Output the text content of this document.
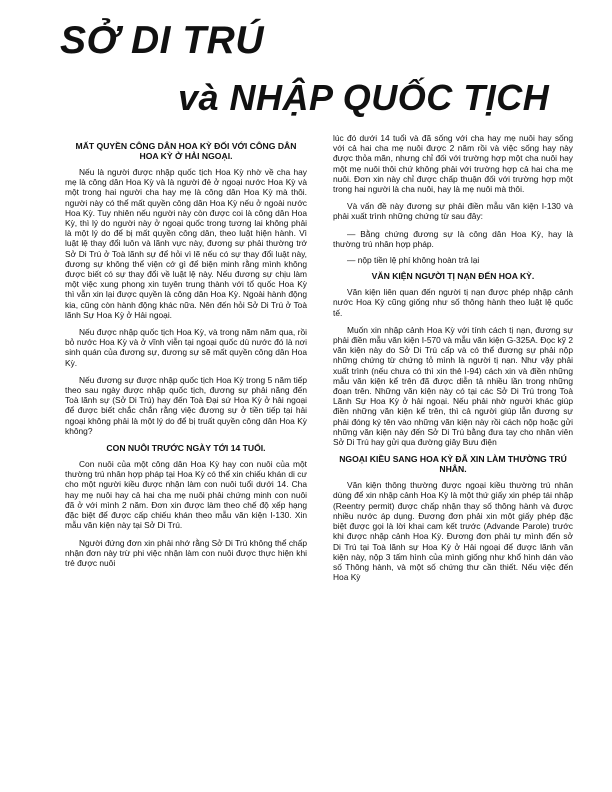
SỞ DI TRÚ
và NHẬP QUỐC TỊCH
MẤT QUYỀN CÔNG DÂN HOA KỲ ĐỐI VỚI CÔNG DÂN HOA KỲ Ở HẢI NGOẠI.

Nếu là người được nhập quốc tịch Hoa Kỳ nhờ về cha hay mẹ là công dân Hoa Kỳ và là người đẻ ở ngoại nước Hoa Kỳ và một trong hai người cha hay mẹ là công dân Hoa Kỳ mà thôi. người này có thể mất quyền công dân Hoa Kỳ nếu ở ngoài nước Hoa Kỳ. Tuy nhiên nếu người này còn được coi là công dân Hoa Kỳ, thì lý do người này ở ngoại quốc trong tương lai không phải là một lý do để bị mất quyền công dân, theo luật hiện hành. Vì luật lệ thay đổi luôn và lãnh vực này, đương sự phải thường trớ Sở Di Trú ở Toà lãnh sự để hỏi vì lẽ nếu có sự thay đổi luật này, đương sự không thể viện cớ gì để biện minh rằng mình không được biết có sự thay đổi về luật lệ này. Nếu đương sự chịu làm một việc xung phong xin tuyên trung thành với tổ quốc Hoa Kỳ thì vẫn xin lại được quyền là công dân Hoa Kỳ. Ngoài hành động kia, cũng còn hành động khác nữa. Nên đến hỏi Sở Di Trú ở Toà lãnh Sự Hoa Kỳ ở Hải ngoại.

Nếu được nhập quốc tịch Hoa Kỳ, và trong năm năm qua, rồi bỏ nước Hoa Kỳ và ở vĩnh viễn tại ngoại quốc dù nước đó là nơi sinh quán của đương sự, đương sự sẽ mất quyền công dân Hoa Kỳ.

Nếu đương sự được nhập quốc tịch Hoa Kỳ trong 5 năm tiếp theo sau ngày được nhập quốc tịch, đương sự phải năng đến Toà lãnh sự (Sở Di Trú) hay đến Toà Đại sứ Hoa Kỳ ở hải ngoại để được biết chắc chắn rằng việc đương sự ở tiền tiếp tại hải ngoại không phải là một lý do để bị truất quyền công dân Hoa Kỳ không?

CON NUÔI TRƯỚC NGÀY TỚI 14 TUỔI.

Con nuôi của một công dân Hoa Kỳ hay con nuôi của một thường trú nhân hợp pháp tại Hoa Kỳ có thể xin chiếu khán di cư cho một người kiều được nhận làm con nuôi tuổi dưới 14. Cha hay mẹ nuôi hay cả hai cha mẹ nuôi phải chứng minh con nuôi đã ở với mình 2 năm. Đơn xin được làm theo chế độ xếp hạng đặc biệt để được cấp chiếu khán theo mẫu văn kiện I-130. Xin mẫu văn kiện này tại Sở Di Trú.

Người đứng đơn xin phải nhớ rằng Sở Di Trú không thể chấp nhận đơn này trừ phi việc nhận làm con nuôi được thực hiện khi trẻ được nuôi

lúc đó dưới 14 tuổi và đã sống với cha hay mẹ nuôi hay sống với cả hai cha mẹ nuôi được 2 năm rồi và việc sống hay này được thỏa mãn, nhưng chỉ đối với trường hợp một cha nuôi hay một mẹ nuôi thôi chứ không phải với trường hợp cả hai cha mẹ nuôi. Đơn xin này chỉ được chấp thuận đối với trường hợp một trong hai người là cha nuôi, hay là mẹ nuôi mà thôi.

Và vấn đề này đương sự phải điền mẫu văn kiện I-130 và phải xuất trình những chứng từ sau đây:

— Bằng chứng đương sự là công dân Hoa Kỳ, hay là thường trú nhân hợp pháp.

— nộp tiền lệ phí không hoàn trả lại

VĂN KIỆN NGƯỜI TỊ NẠN ĐẾN HOA KỲ.

Văn kiện liên quan đến người tị nạn được phép nhập cảnh nước Hoa Kỳ cũng giống như số thông hành theo luật lệ quốc tế.

Muốn xin nhập cảnh Hoa Kỳ với tính cách tị nạn, đương sự phải điền mẫu văn kiện I-570 và mẫu văn kiện G-325A. Đọc kỹ 2 văn kiện này do Sở Di Trú cấp và có thể đương sự phải nộp những chứng từ chứng tỏ mình là người tị nạn. Như vậy phải xuất trình (nếu chưa có thì xin thẻ I-94) cách xin và điền những mẫu văn kiện kể trên đã được diễn tả nhiều lần trong những đoạn trên. Những văn kiện này có tại các Sở Di Trú trong Toà Lãnh Sự Hoa Kỳ ở hải ngoại. Nếu phải nhờ người khác giúp điền những văn kiện kể trên, thì cả người giúp lẫn đương sự phải đóng ký tên vào những văn kiện này rồi cách nộp hoặc gửi những văn kiện này đến Sở Di Trú bằng đưa tay cho nhân viên Sở Di Trú hay gửi qua đường giây Bưu điện

NGOẠI KIỀU SANG HOA KỲ ĐÃ XIN LÀM THƯỜNG TRÚ NHÂN.

Văn kiện thông thường được ngoại kiều thường trú nhân dùng để xin nhập cảnh Hoa Kỳ là một thứ giấy xin phép tái nhập (Reentry permit) được chấp nhận thay số thông hành và được nhiều nước áp dụng. Đương đơn phải xin một giấy phép đặc biệt được gọi là lời khai cam kết trước (Advande Parole) trước khi được nhập cảnh Hoa Kỳ. Đương đơn phải tự mình đến sở Di Trú tại Toà lãnh sự Hoa Kỳ ở Hải ngoại để được lãnh văn kiện này, nộp 3 tấm hình của mình giống như khổ hình dán vào số Thông hành, và một số chứng thư cần thiết. Nếu việc đến Hoa Kỳ
